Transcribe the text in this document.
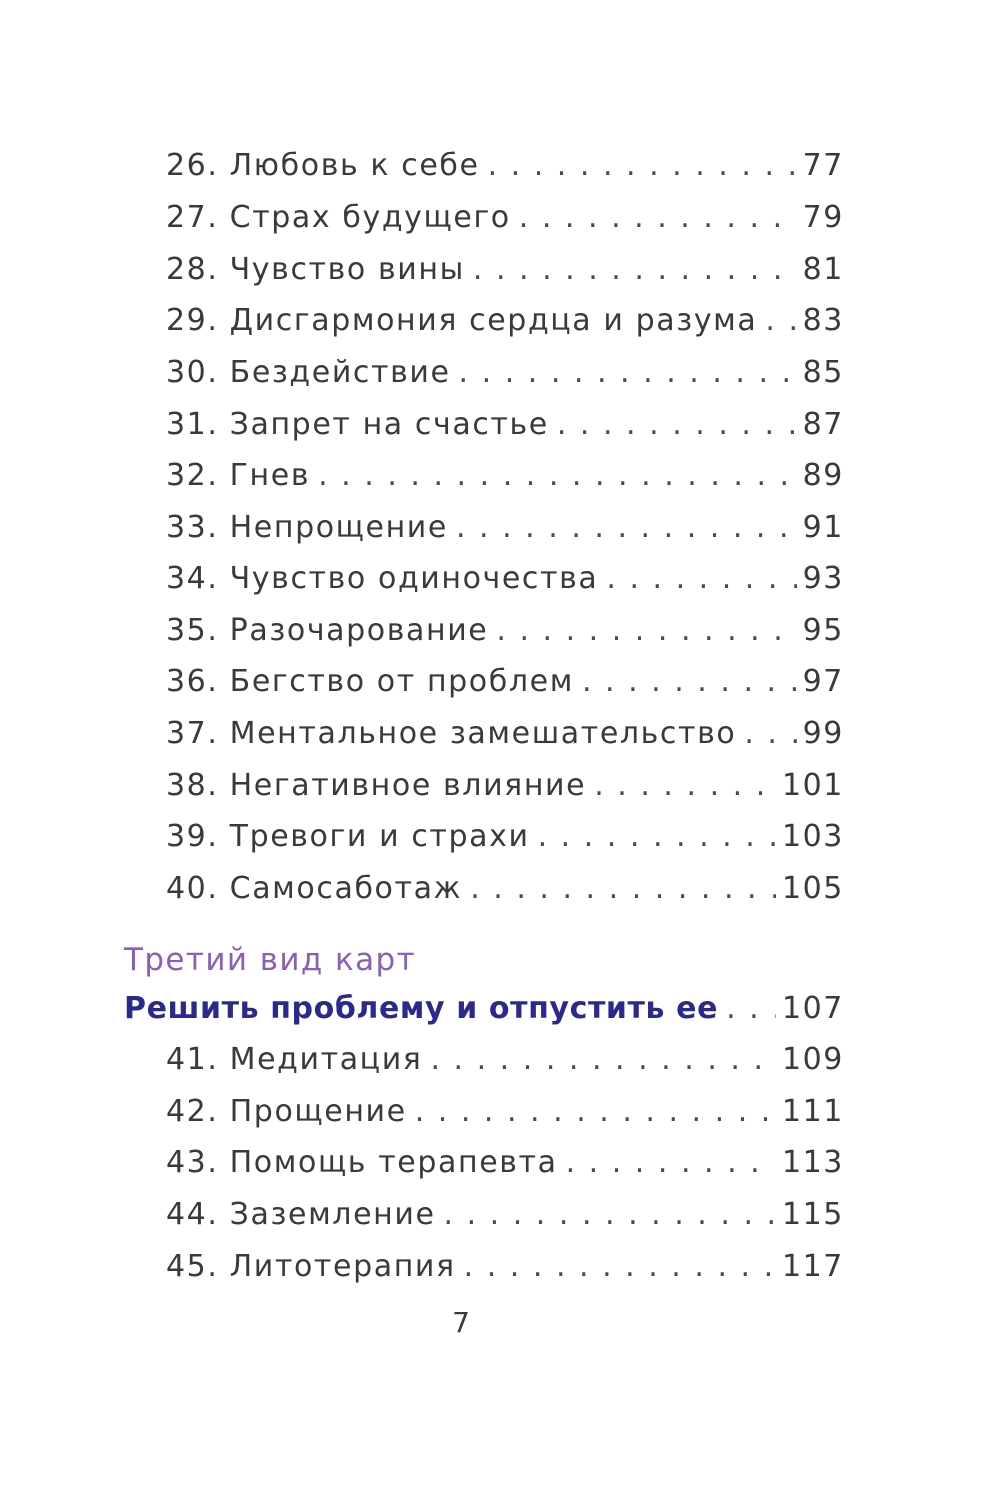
26. Любовь к себе . . .	77
27. Страх будущего . . .	79
28. Чувство вины . . .	81
29. Дисгармония сердца и разума . . . 83
30. Бездействие . . .	85
31. Запрет на счастье . . .	87
32. Гнев . . .	89
33. Непрощение . . .	91
34. Чувство одиночества . . .	93
35. Разочарование . . .	95
36. Бегство от проблем . . .	97
37. Ментальное замешательство . . . 99
38. Негативное влияние . . .	101
39. Тревоги и страхи . . .	103
40. Самосаботаж . . .	105
Третий вид карт
Решить проблему и отпустить ее . . . 107
41. Медитация . . .	109
42. Прощение . . .	111
43. Помощь терапевта . . .	113
44. Заземление . . .	115
45. Литотерапия . . .	117
7
